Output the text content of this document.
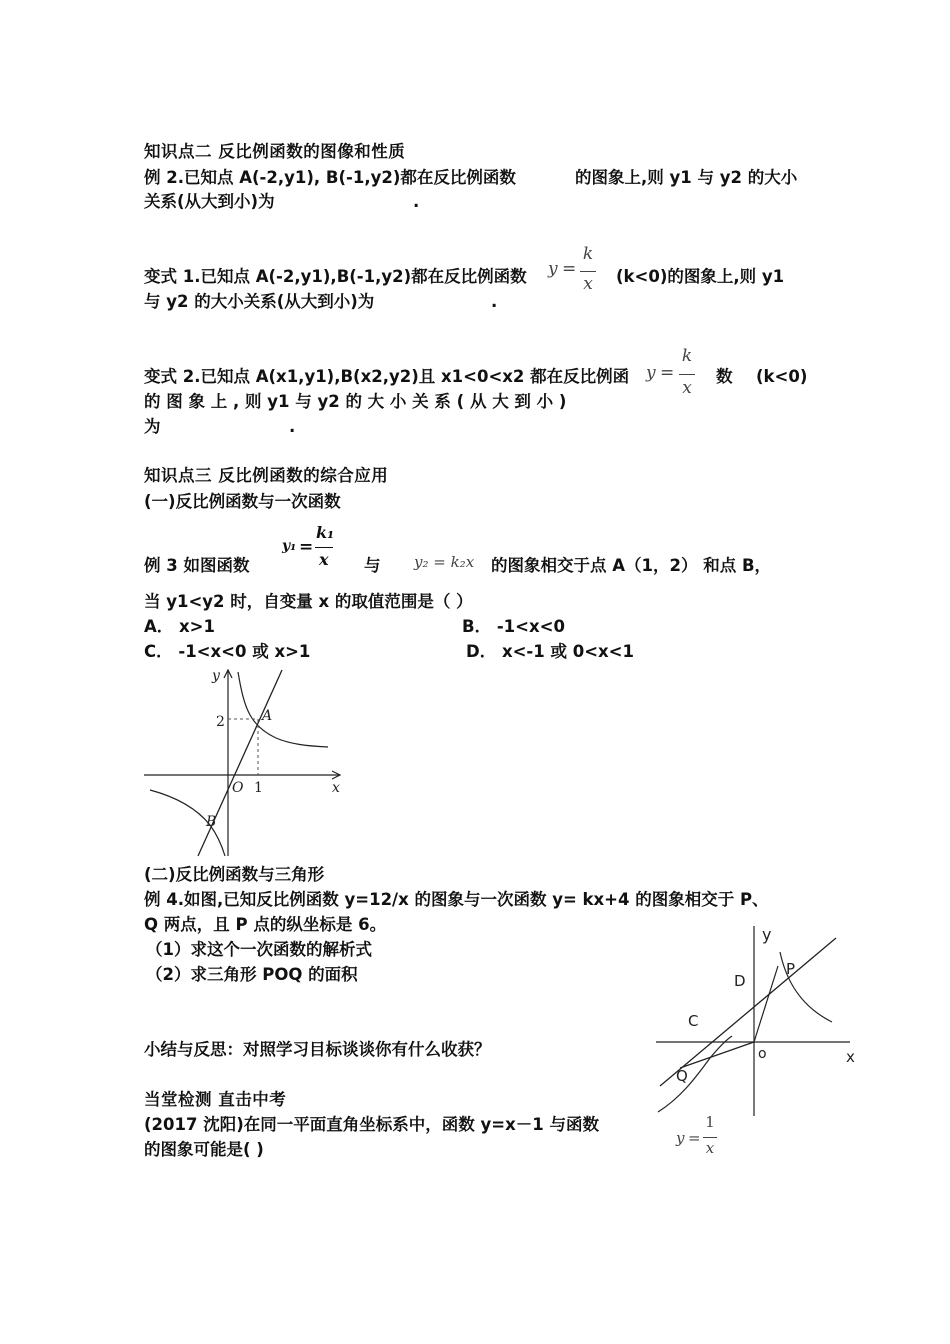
知识点二 反比例函数的图像和性质
例 2.已知点 A(-2,y1), B(-1,y2)都在反比例函数	的图象上,则 y1 与 y2 的大小
关系(从大到小)为	.
y =
k
x
变式 1.已知点 A(-2,y1),B(-1,y2)都在反比例函数	(k<0)的图象上,则 y1
与 y2 的大小关系(从大到小)为	.
y =
k
x
变式 2.已知点 A(x1,y1),B(x2,y2)且 x1<0<x2 都在反比例函	数 (k<0)
的 图 象 上 , 则 y1 与 y2 的 大 小 关 系 ( 从 大 到 小 )
为	.
知识点三 反比例函数的综合应用
(一)反比例函数与一次函数
y₁ =
k₁
x
例 3 如图函数	与 y₂ = k₂x 的图象相交于点 A（1，2） 和点 B，
当 y1<y2 时，自变量 x 的取值范围是（ ）
A． x>1	B． -1<x<0
C． -1<x<0 或 x>1	D． x<-1 或 0<x<1
y
x
2	A
O 1
B
(二)反比例函数与三角形
例 4.如图,已知反比例函数 y=12/x 的图象与一次函数 y= kx+4 的图象相交于 P、
Q 两点，且 P 点的纵坐标是 6。
（1）求这个一次函数的解析式
（2）求三角形 POQ 的面积
y
P
D
C
o	x
Q
小结与反思：对照学习目标谈谈你有什么收获？
当堂检测 直击中考
(2017 沈阳)在同一平面直角坐标系中，函数 y=x－1 与函数
的图象可能是( )
y =
1
x
